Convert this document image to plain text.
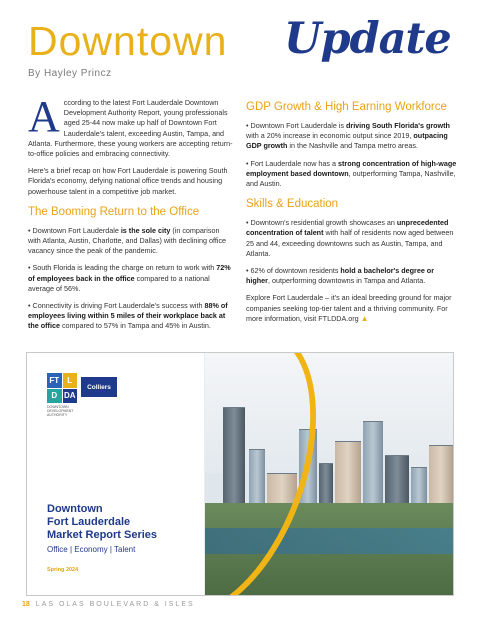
Downtown Update
By Hayley Princz
According to the latest Fort Lauderdale Downtown Development Authority Report, young professionals aged 25-44 now make up half of Downtown Fort Lauderdale's talent, exceeding Austin, Tampa, and Atlanta. Furthermore, these young workers are accepting return-to-office policies and embracing connectivity.
Here's a brief recap on how Fort Lauderdale is powering South Florida's economy, defying national office trends and housing powerhouse talent in a competitive job market.
The Booming Return to the Office
• Downtown Fort Lauderdale is the sole city (in comparison with Atlanta, Austin, Charlotte, and Dallas) with declining office vacancy since the peak of the pandemic.
• South Florida is leading the charge on return to work with 72% of employees back in the office compared to a national average of 56%.
• Connectivity is driving Fort Lauderdale's success with 88% of employees living within 5 miles of their workplace back at the office compared to 57% in Tampa and 45% in Austin.
GDP Growth & High Earning Workforce
• Downtown Fort Lauderdale is driving South Florida's growth with a 20% increase in economic output since 2019, outpacing GDP growth in the Nashville and Tampa metro areas.
• Fort Lauderdale now has a strong concentration of high-wage employment based downtown, outperforming Tampa, Nashville, and Austin.
Skills & Education
• Downtown's residential growth showcases an unprecedented concentration of talent with half of residents now aged between 25 and 44, exceeding downtowns such as Austin, Tampa, and Atlanta.
• 62% of downtown residents hold a bachelor's degree or higher, outperforming downtowns in Tampa and Atlanta.
Explore Fort Lauderdale – it's an ideal breeding ground for major companies seeking top-tier talent and a thriving community. For more information, visit FTLDDA.org ▲
FT	L
D DA
DOWNTOWN DEVELOPMENT AUTHORITY
Colliers
Downtown
Fort Lauderdale
Market Report Series
Office | Economy | Talent
Spring 2024
18 LAS OLAS BOULEVARD & ISLES
